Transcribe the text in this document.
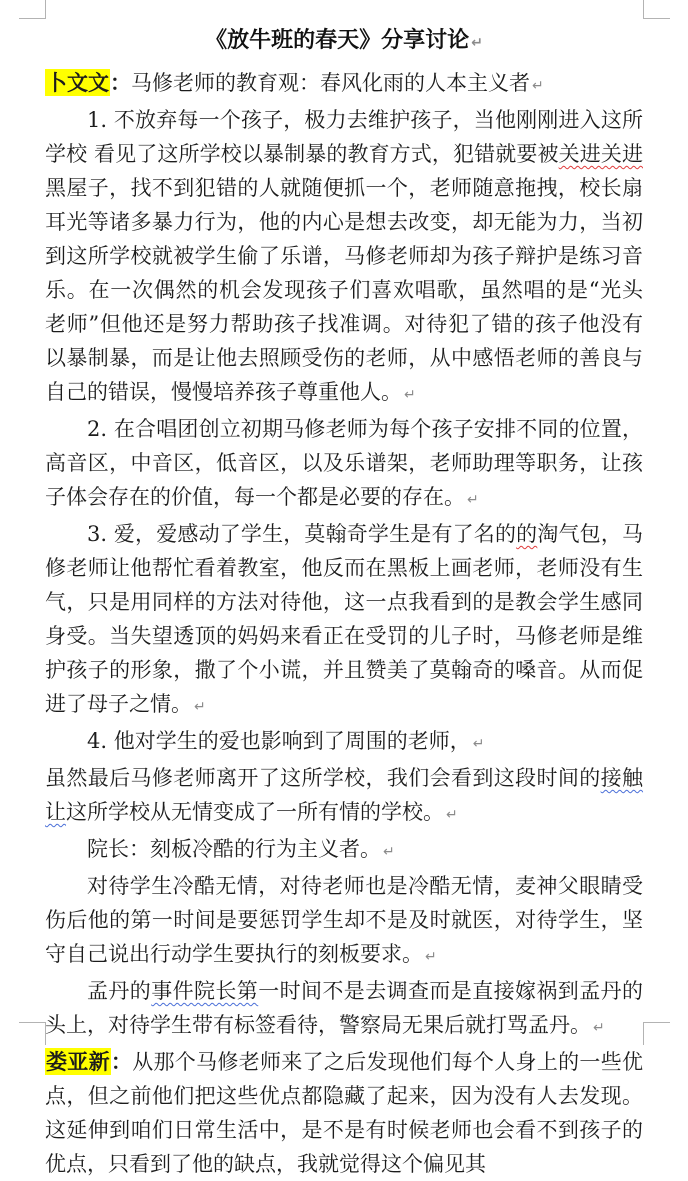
《放牛班的春天》分享讨论 ↵

卜文文：马修老师的教育观：春风化雨的人本主义者 ↵

1. 不放弃每一个孩子，极力去维护孩子，当他刚刚进入这所学校 看见了这所学校以暴制暴的教育方式，犯错就要被关进关进黑屋子，找不到犯错的人就随便抓一个，老师随意拖拽，校长扇耳光等诸多暴力行为，他的内心是想去改变，却无能为力，当初到这所学校就被学生偷了乐谱，马修老师却为孩子辩护是练习音乐。在一次偶然的机会发现孩子们喜欢唱歌，虽然唱的是“光头老师”但他还是努力帮助孩子找准调。对待犯了错的孩子他没有以暴制暴，而是让他去照顾受伤的老师，从中感悟老师的善良与自己的错误，慢慢培养孩子尊重他人。 ↵

2. 在合唱团创立初期马修老师为每个孩子安排不同的位置，高音区，中音区，低音区，以及乐谱架，老师助理等职务，让孩子体会存在的价值，每一个都是必要的存在。 ↵

3. 爱，爱感动了学生，莫翰奇学生是有了名的的淘气包，马修老师让他帮忙看着教室，他反而在黑板上画老师，老师没有生气，只是用同样的方法对待他，这一点我看到的是教会学生感同身受。当失望透顶的妈妈来看正在受罚的儿子时，马修老师是维护孩子的形象，撒了个小谎，并且赞美了莫翰奇的嗓音。从而促进了母子之情。 ↵

4. 他对学生的爱也影响到了周围的老师， ↵

虽然最后马修老师离开了这所学校，我们会看到这段时间的接触让这所学校从无情变成了一所有情的学校。 ↵

院长：刻板冷酷的行为主义者。 ↵

对待学生冷酷无情，对待老师也是冷酷无情，麦神父眼睛受伤后他的第一时间是要惩罚学生却不是及时就医，对待学生，坚守自己说出行动学生要执行的刻板要求。 ↵

孟丹的事件院长第一时间不是去调查而是直接嫁祸到孟丹的头上，对待学生带有标签看待，警察局无果后就打骂孟丹。 ↵

娄亚新：从那个马修老师来了之后发现他们每个人身上的一些优点，但之前他们把这些优点都隐藏了起来，因为没有人去发现。这延伸到咱们日常生活中，是不是有时候老师也会看不到孩子的优点，只看到了他的缺点，我就觉得这个偏见其
